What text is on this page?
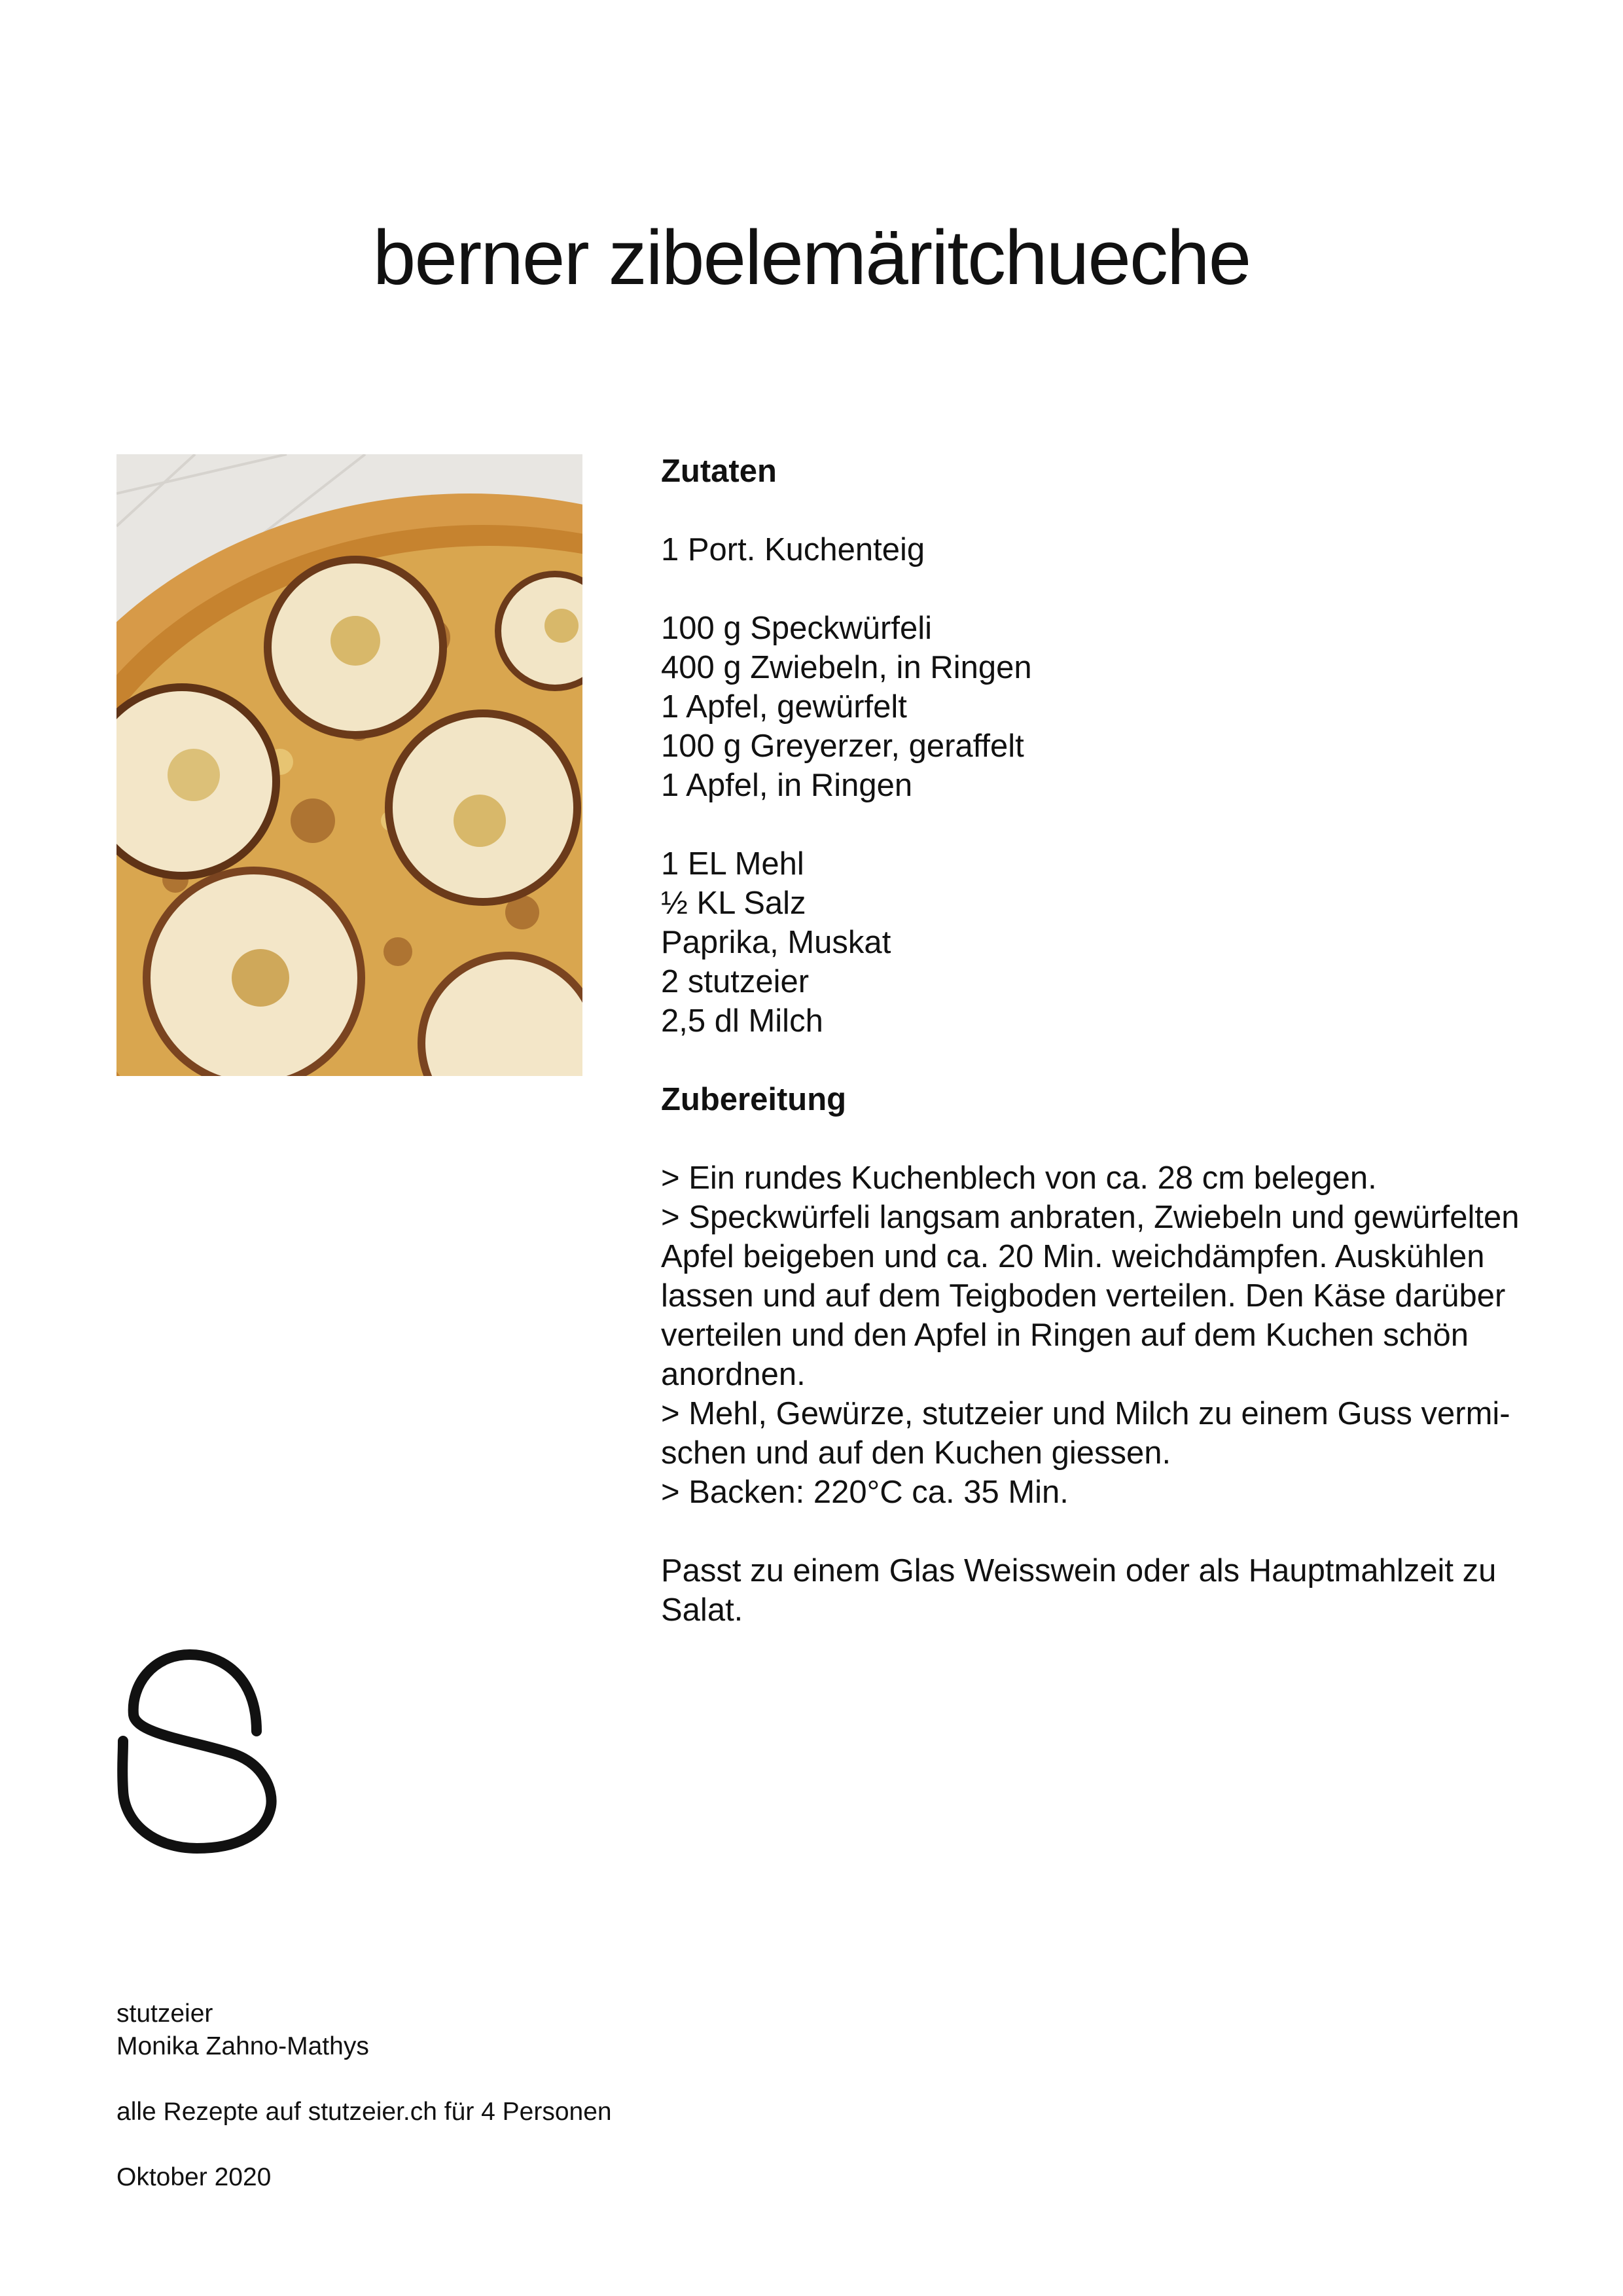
berner zibelemäritchueche
Zutaten

1 Port. Kuchenteig

100 g Speckwürfeli

400 g Zwiebeln, in Ringen

1 Apfel, gewürfelt

100 g Greyerzer, geraffelt

1 Apfel, in Ringen

1 EL Mehl

½ KL Salz

Paprika, Muskat

2 stutzeier

2,5 dl Milch

Zubereitung

> Ein rundes Kuchenblech von ca. 28 cm belegen.

> Speckwürfeli langsam anbraten, Zwiebeln und gewürfelten

Apfel beigeben und ca. 20 Min. weichdämpfen. Auskühlen

lassen und auf dem Teigboden verteilen. Den Käse darüber

verteilen und den Apfel in Ringen auf dem Kuchen schön

anordnen.

> Mehl, Gewürze, stutzeier und Milch zu einem Guss vermi-

schen und auf den Kuchen giessen.

> Backen: 220°C ca. 35 Min.

Passt zu einem Glas Weisswein oder als Hauptmahlzeit zu

Salat.

stutzeier

Monika Zahno-Mathys

alle Rezepte auf stutzeier.ch für 4 Personen

Oktober 2020
